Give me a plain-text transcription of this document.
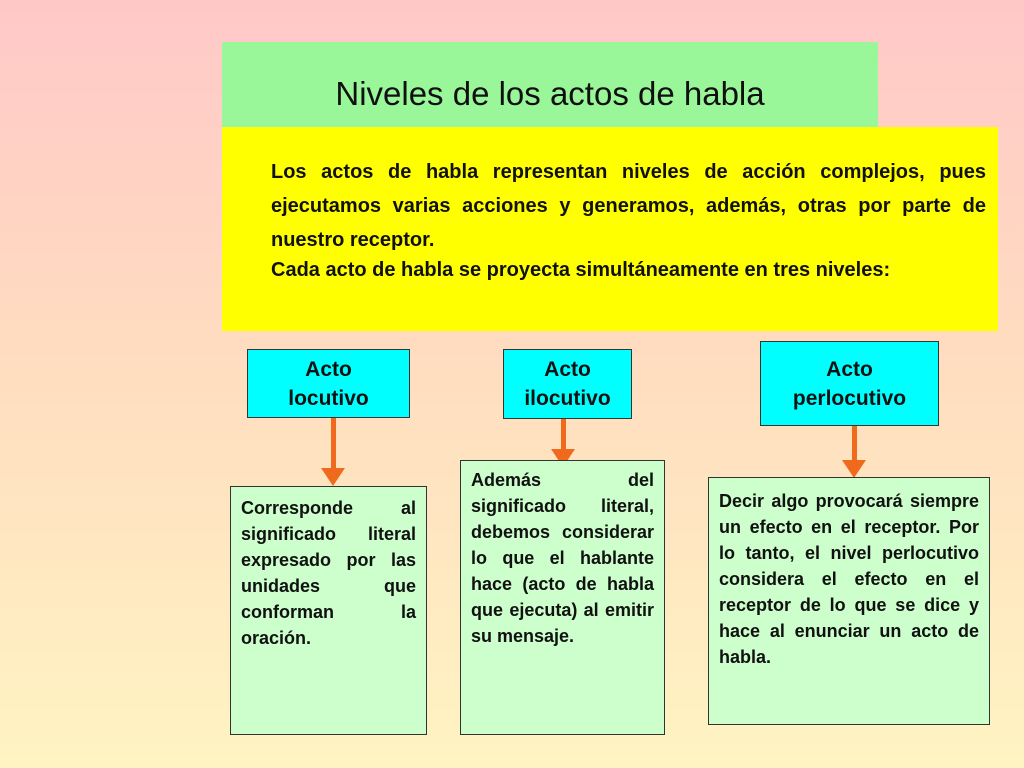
Niveles de los actos de habla

Los actos de habla representan niveles de acción complejos, pues ejecutamos varias acciones y generamos, además, otras por parte de nuestro receptor.

Cada acto de habla se proyecta simultáneamente en tres niveles:

Acto
locutivo
Corresponde al significado literal expresado por las unidades que conforman la oración.
Acto
ilocutivo
Además del significado literal, debemos considerar lo que el hablante hace (acto de habla que ejecuta) al emitir su mensaje.
Acto
perlocutivo
Decir algo provocará siempre un efecto en el receptor. Por lo tanto, el nivel perlocutivo considera el efecto en el receptor de lo que se dice y hace al enunciar un acto de habla.
